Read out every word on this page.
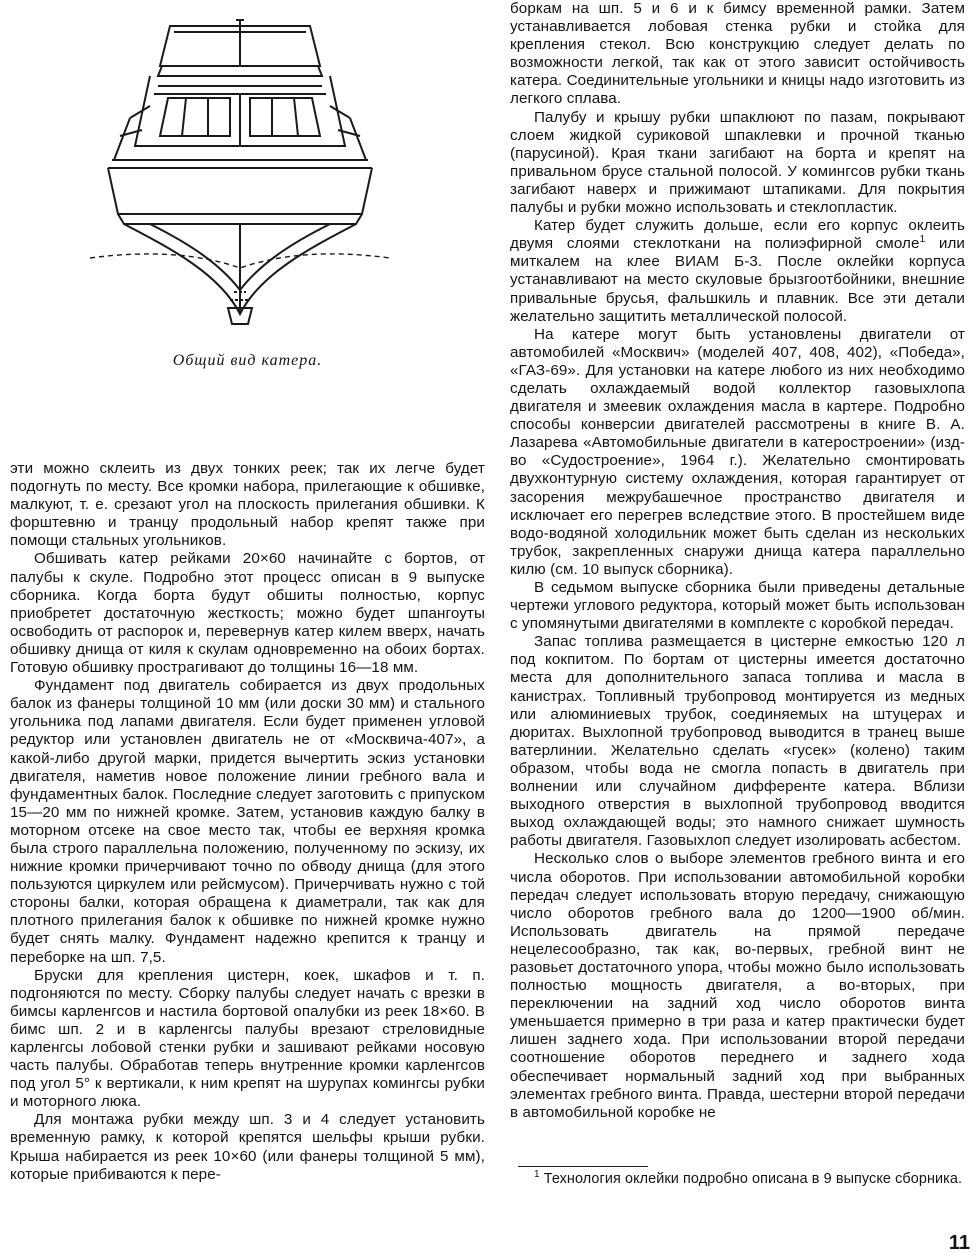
Общий вид катера.

эти можно склеить из двух тонких реек; так их легче будет подогнуть по месту. Все кромки набора, прилегающие к обшивке, малкуют, т. е. срезают угол на плоскость прилегания обшивки. К форштевню и транцу продольный набор крепят также при помощи стальных угольников.

Обшивать катер рейками 20×60 начинайте с бортов, от палубы к скуле. Подробно этот процесс описан в 9 выпуске сборника. Когда борта будут обшиты полностью, корпус приобретет достаточную жесткость; можно будет шпангоуты освободить от распорок и, перевернув катер килем вверх, начать обшивку днища от киля к скулам одновременно на обоих бортах. Готовую обшивку прострагивают до толщины 16—18 мм.

Фундамент под двигатель собирается из двух продольных балок из фанеры толщиной 10 мм (или доски 30 мм) и стального угольника под лапами двигателя. Если будет применен угловой редуктор или установлен двигатель не от «Москвича-407», а какой-либо другой марки, придется вычертить эскиз установки двигателя, наметив новое положение линии гребного вала и фундаментных балок. Последние следует заготовить с припуском 15—20 мм по нижней кромке. Затем, установив каждую балку в моторном отсеке на свое место так, чтобы ее верхняя кромка была строго параллельна положению, полученному по эскизу, их нижние кромки причерчивают точно по обводу днища (для этого пользуются циркулем или рейсмусом). Причерчивать нужно с той стороны балки, которая обращена к диаметрали, так как для плотного прилегания балок к обшивке по нижней кромке нужно будет снять малку. Фундамент надежно крепится к транцу и переборке на шп. 7,5.

Бруски для крепления цистерн, коек, шкафов и т. п. подгоняются по месту. Сборку палубы следует начать с врезки в бимсы карленгсов и настила бортовой опалубки из реек 18×60. В бимс шп. 2 и в карленгсы палубы врезают стреловидные карленгсы лобовой стенки рубки и зашивают рейками носовую часть палубы. Обработав теперь внутренние кромки карленгсов под угол 5° к вертикали, к ним крепят на шурупах комингсы рубки и моторного люка.

Для монтажа рубки между шп. 3 и 4 следует установить временную рамку, к которой крепятся шельфы крыши рубки. Крыша набирается из реек 10×60 (или фанеры толщиной 5 мм), которые прибиваются к пере-

боркам на шп. 5 и 6 и к бимсу временной рамки. Затем устанавливается лобовая стенка рубки и стойка для крепления стекол. Всю конструкцию следует делать по возможности легкой, так как от этого зависит остойчивость катера. Соединительные угольники и кницы надо изготовить из легкого сплава.

Палубу и крышу рубки шпаклюют по пазам, покрывают слоем жидкой суриковой шпаклевки и прочной тканью (парусиной). Края ткани загибают на борта и крепят на привальном брусе стальной полосой. У комингсов рубки ткань загибают наверх и прижимают штапиками. Для покрытия палубы и рубки можно использовать и стеклопластик.

Катер будет служить дольше, если его корпус оклеить двумя слоями стеклоткани на полиэфирной смоле$^1$ или миткалем на клее ВИАМ Б-3. После оклейки корпуса устанавливают на место скуловые брызгоотбойники, внешние привальные брусья, фальшкиль и плавник. Все эти детали желательно защитить металлической полосой.

На катере могут быть установлены двигатели от автомобилей «Москвич» (моделей 407, 408, 402), «Победа», «ГАЗ-69». Для установки на катере любого из них необходимо сделать охлаждаемый водой коллектор газовыхлопа двигателя и змеевик охлаждения масла в картере. Подробно способы конверсии двигателей рассмотрены в книге В. А. Лазарева «Автомобильные двигатели в катеростроении» (изд-во «Судостроение», 1964 г.). Желательно смонтировать двухконтурную систему охлаждения, которая гарантирует от засорения межрубашечное пространство двигателя и исключает его перегрев вследствие этого. В простейшем виде водо-водяной холодильник может быть сделан из нескольких трубок, закрепленных снаружи днища катера параллельно килю (см. 10 выпуск сборника).

В седьмом выпуске сборника были приведены детальные чертежи углового редуктора, который может быть использован с упомянутыми двигателями в комплекте с коробкой передач.

Запас топлива размещается в цистерне емкостью 120 л под кокпитом. По бортам от цистерны имеется достаточно места для дополнительного запаса топлива и масла в канистрах. Топливный трубопровод монтируется из медных или алюминиевых трубок, соединяемых на штуцерах и дюритах. Выхлопной трубопровод выводится в транец выше ватерлинии. Желательно сделать «гусек» (колено) таким образом, чтобы вода не смогла попасть в двигатель при волнении или случайном дифференте катера. Вблизи выходного отверстия в выхлопной трубопровод вводится выход охлаждающей воды; это намного снижает шумность работы двигателя. Газовыхлоп следует изолировать асбестом.

Несколько слов о выборе элементов гребного винта и его числа оборотов. При использовании автомобильной коробки передач следует использовать вторую передачу, снижающую число оборотов гребного вала до 1200—1900 об/мин. Использовать двигатель на прямой передаче нецелесообразно, так как, во-первых, гребной винт не разовьет достаточного упора, чтобы можно было использовать полностью мощность двигателя, а во-вторых, при переключении на задний ход число оборотов винта уменьшается примерно в три раза и катер практически будет лишен заднего хода. При использовании второй передачи соотношение оборотов переднего и заднего хода обеспечивает нормальный задний ход при выбранных элементах гребного винта. Правда, шестерни второй передачи в автомобильной коробке не

$^1$ Технология оклейки подробно описана в 9 выпуске сборника.

11
